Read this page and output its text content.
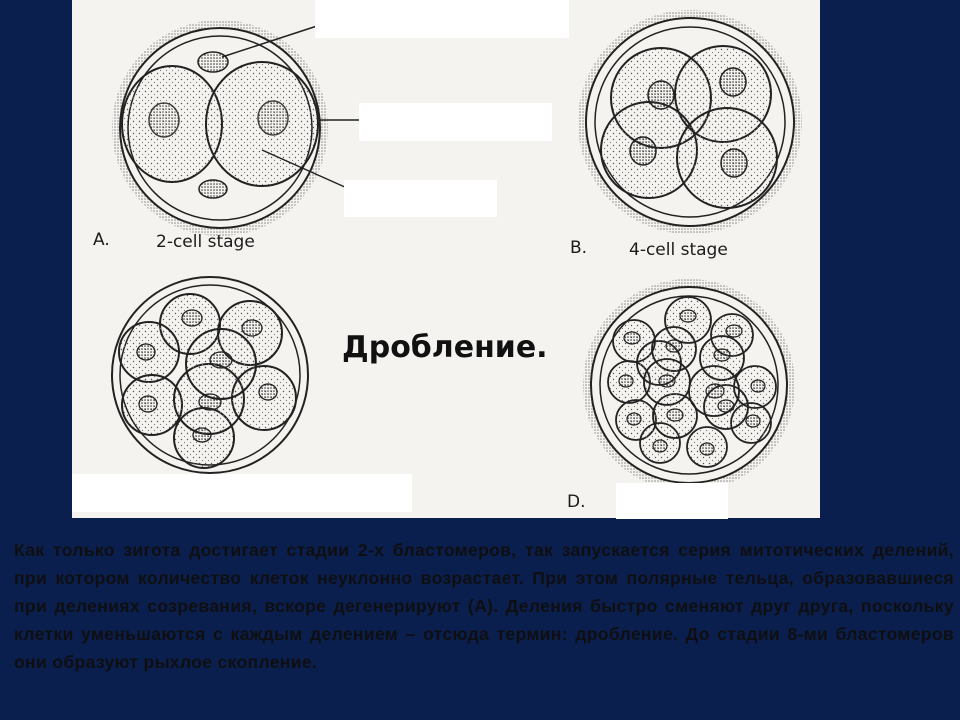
A.	2-cell stage	B. 4-cell stage
D.
Дробление.
Как только зигота достигает стадии 2-х бластомеров, так запускается серия митотических делений, при котором количество клеток неуклонно возрастает. При этом полярные тельца, образовавшиеся при делениях созревания, вскоре дегенерируют (А). Деления быстро сменяют друг друга, поскольку клетки уменьшаются с каждым делением – отсюда термин: дробление. До стадии 8-ми бластомеров они образуют рыхлое скопление.
